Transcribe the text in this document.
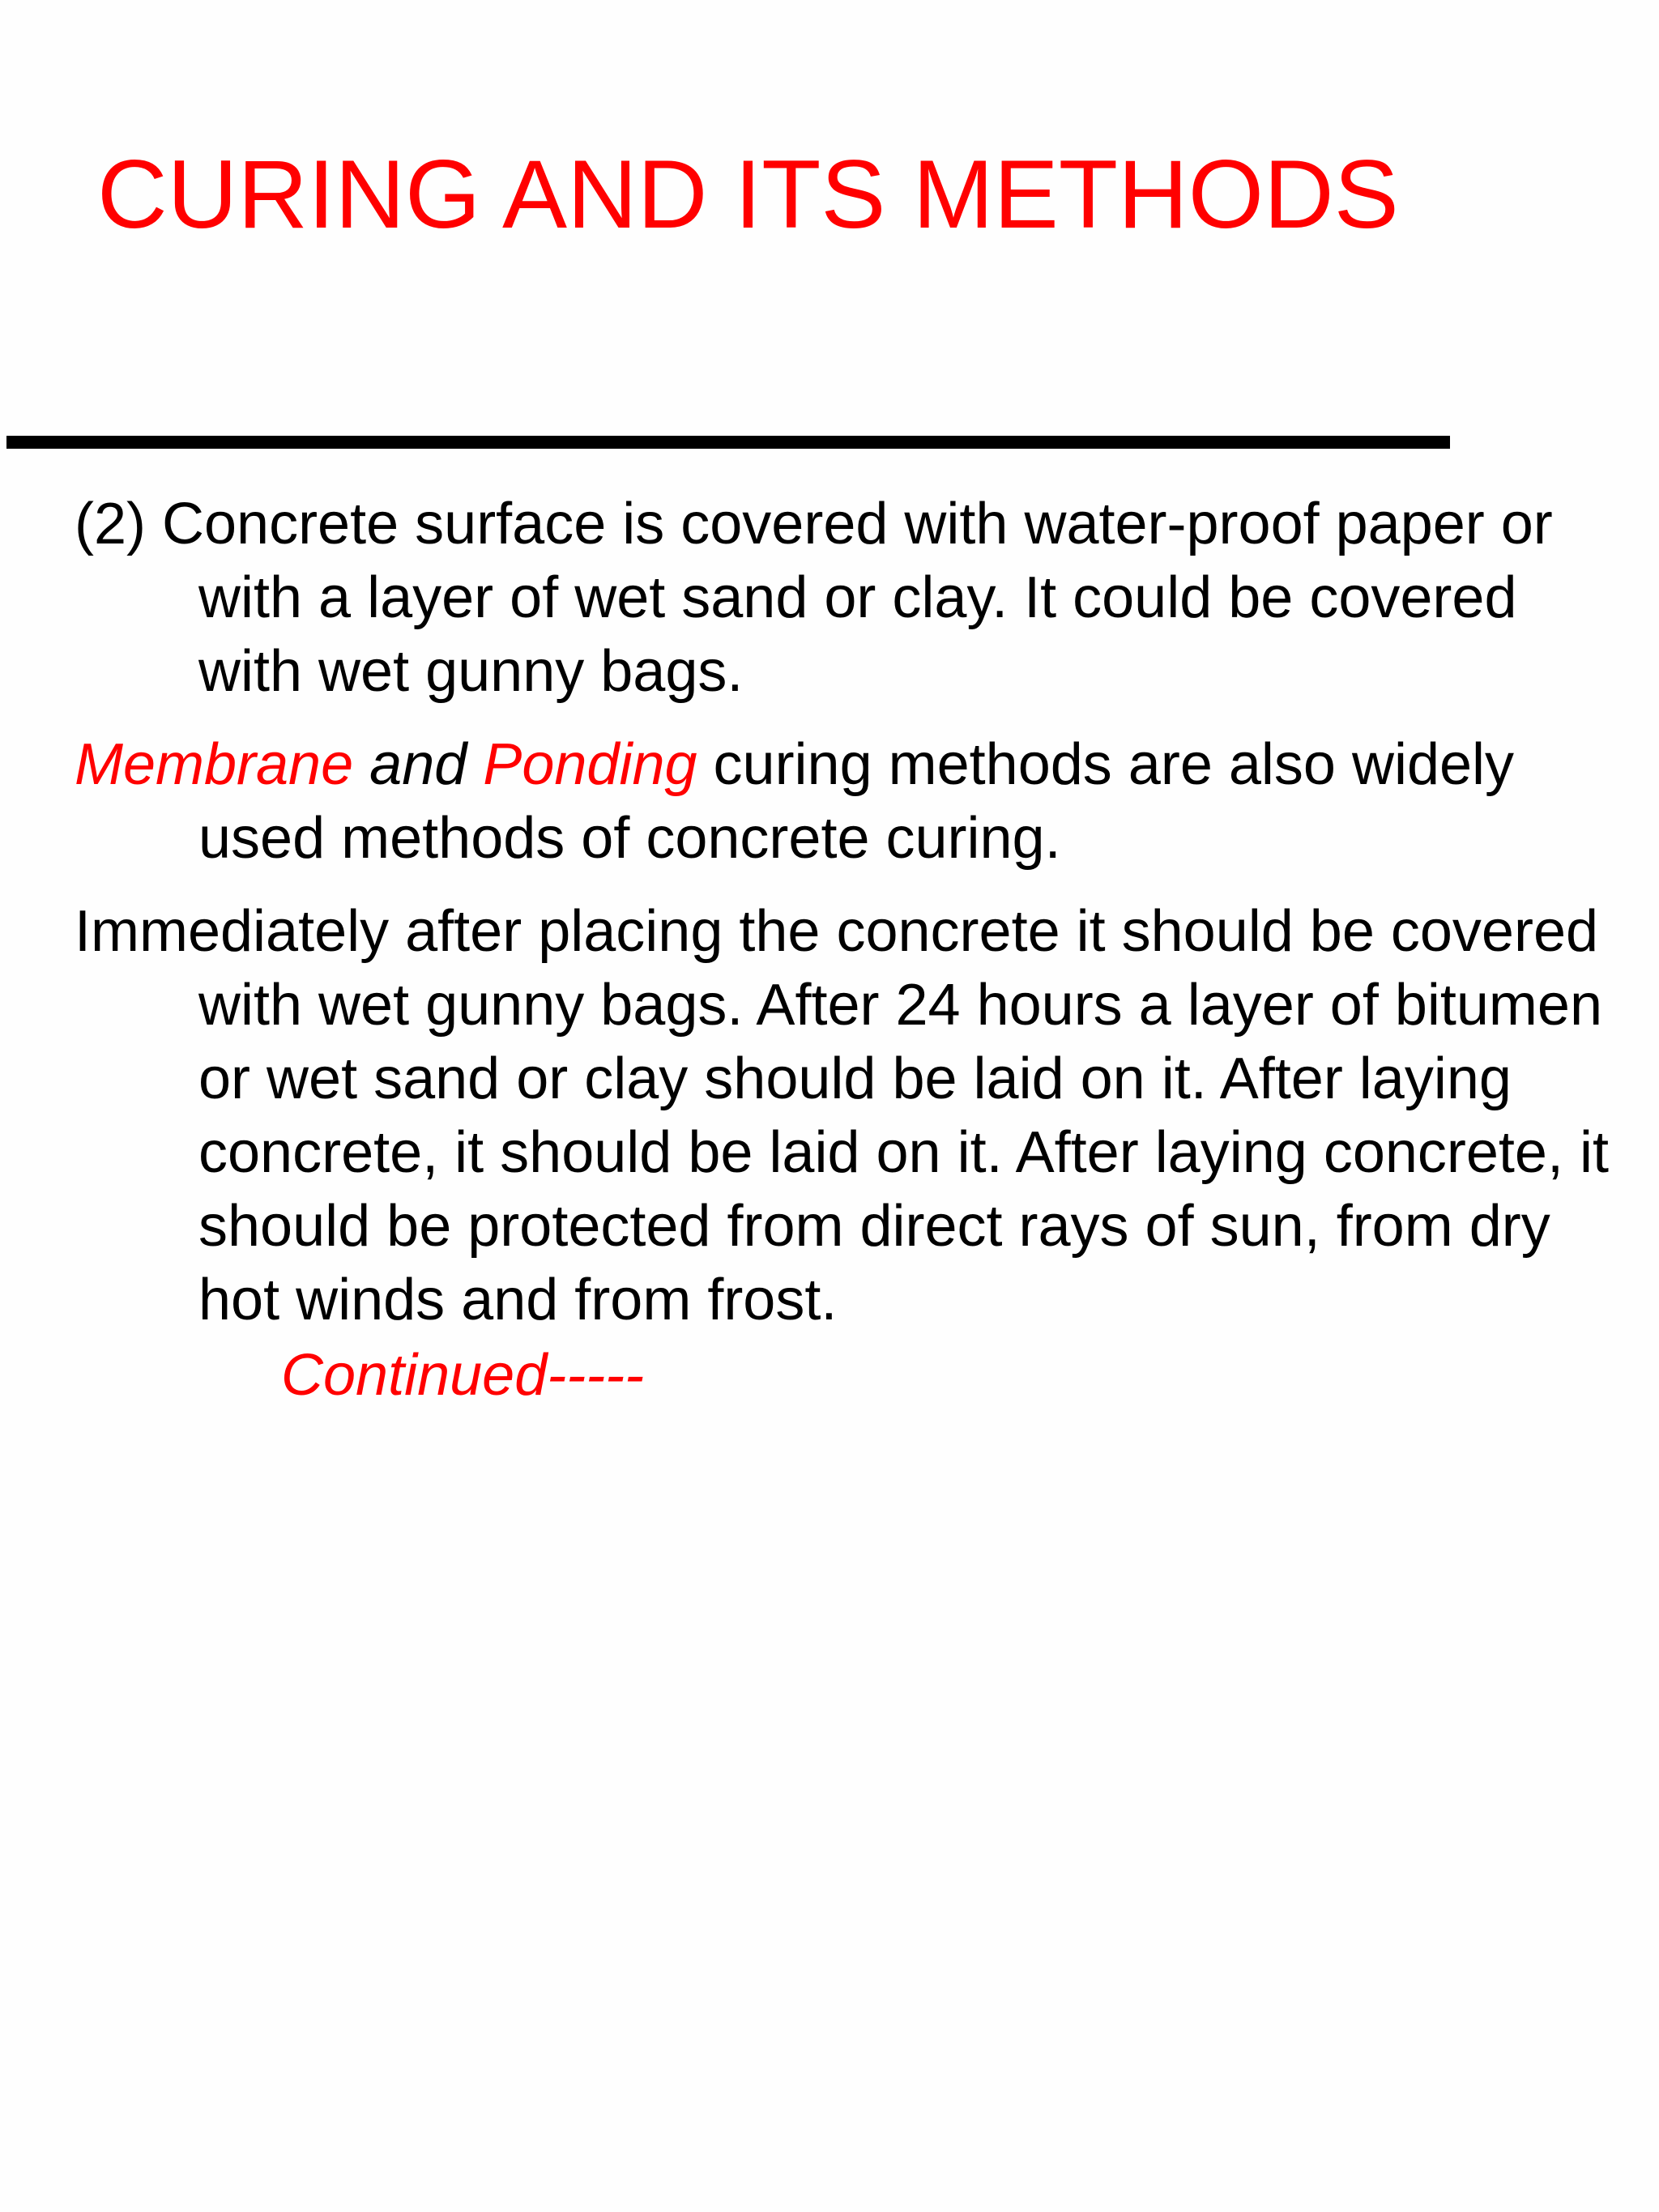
CURING AND ITS METHODS

(2) Concrete surface is covered with water-proof paper or with a layer of wet sand or clay. It could be covered with wet gunny bags.

Membrane and Ponding curing methods are also widely used methods of concrete curing.

Immediately after placing the concrete it should be covered with wet gunny bags. After 24 hours a layer of bitumen or wet sand or clay should be laid on it. After laying concrete, it should be laid on it. After laying concrete, it should be protected from direct rays of sun, from dry hot winds and from frost.

Continued-----
